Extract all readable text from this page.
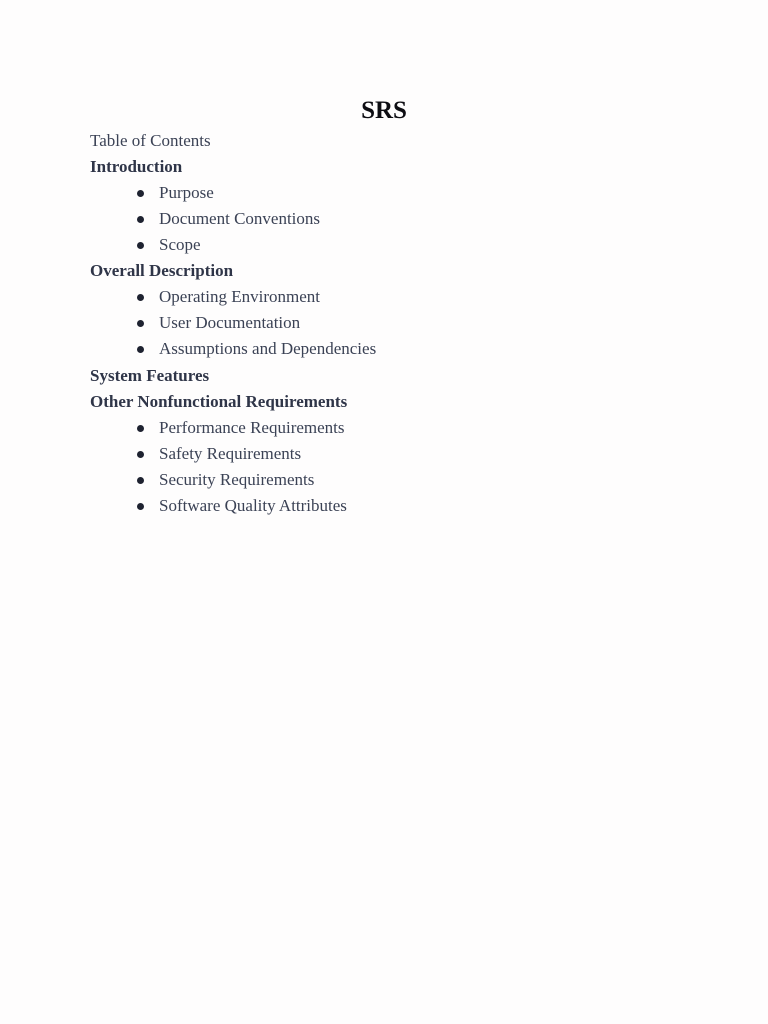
SRS
Table of Contents
Introduction
Purpose
Document Conventions
Scope
Overall Description
Operating Environment
User Documentation
Assumptions and Dependencies
System Features
Other Nonfunctional Requirements
Performance Requirements
Safety Requirements
Security Requirements
Software Quality Attributes
